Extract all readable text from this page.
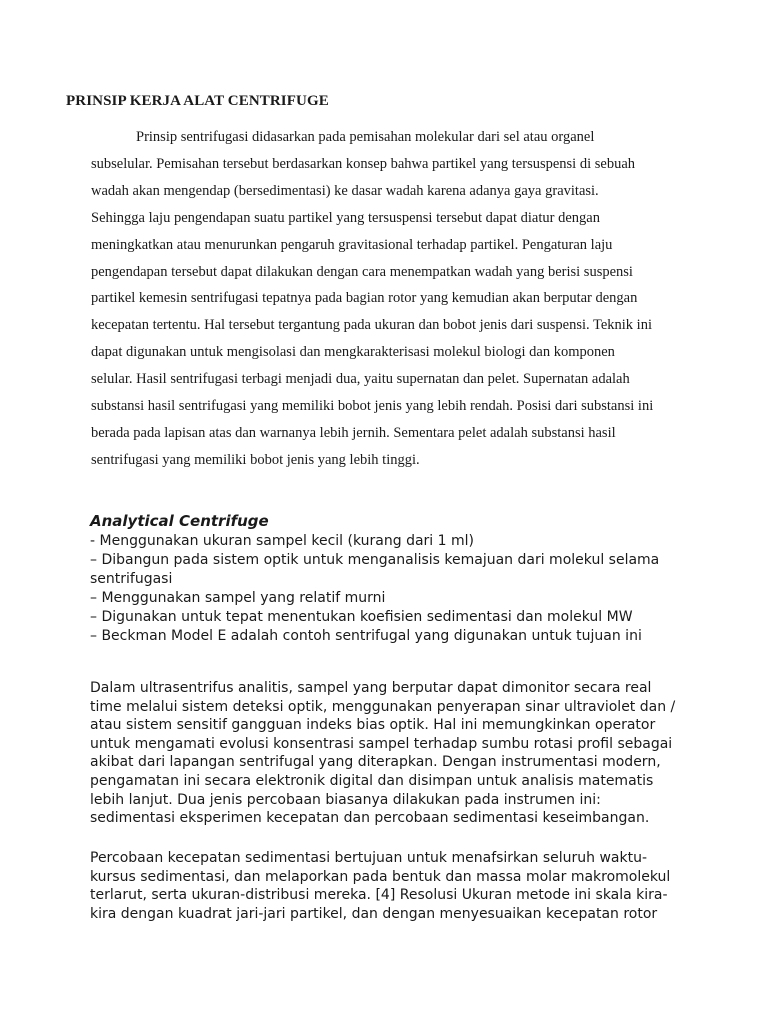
PRINSIP KERJA ALAT CENTRIFUGE
Prinsip sentrifugasi didasarkan pada pemisahan molekular dari sel atau organel
subselular. Pemisahan tersebut berdasarkan konsep bahwa partikel yang tersuspensi di sebuah
wadah akan mengendap (bersedimentasi) ke dasar wadah karena adanya gaya gravitasi.
Sehingga laju pengendapan suatu partikel yang tersuspensi tersebut dapat diatur dengan
meningkatkan atau menurunkan pengaruh gravitasional terhadap partikel. Pengaturan laju
pengendapan tersebut dapat dilakukan dengan cara menempatkan wadah yang berisi suspensi
partikel kemesin sentrifugasi tepatnya pada bagian rotor yang kemudian akan berputar dengan
kecepatan tertentu. Hal tersebut tergantung pada ukuran dan bobot jenis dari suspensi. Teknik ini
dapat digunakan untuk mengisolasi dan mengkarakterisasi molekul biologi dan komponen
selular. Hasil sentrifugasi terbagi menjadi dua, yaitu supernatan dan pelet. Supernatan adalah
substansi hasil sentrifugasi yang memiliki bobot jenis yang lebih rendah. Posisi dari substansi ini
berada pada lapisan atas dan warnanya lebih jernih. Sementara pelet adalah substansi hasil
sentrifugasi yang memiliki bobot jenis yang lebih tinggi.
Analytical Centrifuge
- Menggunakan ukuran sampel kecil (kurang dari 1 ml)
– Dibangun pada sistem optik untuk menganalisis kemajuan dari molekul selama
sentrifugasi
– Menggunakan sampel yang relatif murni
– Digunakan untuk tepat menentukan koefisien sedimentasi dan molekul MW
– Beckman Model E adalah contoh sentrifugal yang digunakan untuk tujuan ini
Dalam ultrasentrifus analitis, sampel yang berputar dapat dimonitor secara real
time melalui sistem deteksi optik, menggunakan penyerapan sinar ultraviolet dan /
atau sistem sensitif gangguan indeks bias optik. Hal ini memungkinkan operator
untuk mengamati evolusi konsentrasi sampel terhadap sumbu rotasi profil sebagai
akibat dari lapangan sentrifugal yang diterapkan. Dengan instrumentasi modern,
pengamatan ini secara elektronik digital dan disimpan untuk analisis matematis
lebih lanjut. Dua jenis percobaan biasanya dilakukan pada instrumen ini:
sedimentasi eksperimen kecepatan dan percobaan sedimentasi keseimbangan.
Percobaan kecepatan sedimentasi bertujuan untuk menafsirkan seluruh waktu-
kursus sedimentasi, dan melaporkan pada bentuk dan massa molar makromolekul
terlarut, serta ukuran-distribusi mereka. [4] Resolusi Ukuran metode ini skala kira-
kira dengan kuadrat jari-jari partikel, dan dengan menyesuaikan kecepatan rotor
